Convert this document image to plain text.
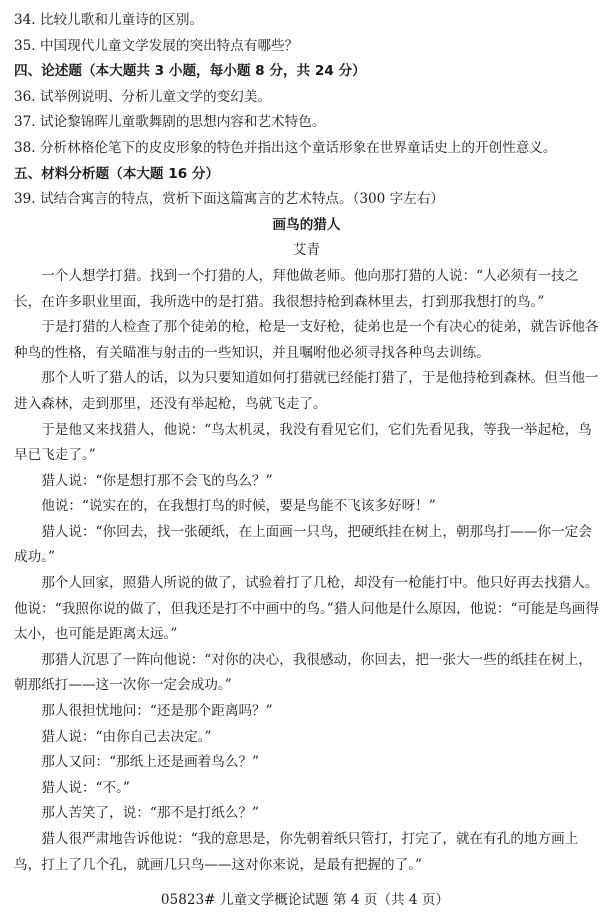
34. 比较儿歌和儿童诗的区别。
35. 中国现代儿童文学发展的突出特点有哪些？
四、论述题（本大题共 3 小题，每小题 8 分，共 24 分）
36. 试举例说明、分析儿童文学的变幻美。
37. 试论黎锦晖儿童歌舞剧的思想内容和艺术特色。
38. 分析林格伦笔下的皮皮形象的特色并指出这个童话形象在世界童话史上的开创性意义。
五、材料分析题（本大题 16 分）
39. 试结合寓言的特点，赏析下面这篇寓言的艺术特点。（300 字左右）
画鸟的猎人
艾青
一个人想学打猎。找到一个打猎的人，拜他做老师。他向那打猎的人说：“人必须有一技之长，在许多职业里面，我所选中的是打猎。我很想持枪到森林里去，打到那我想打的鸟。”
于是打猎的人检查了那个徒弟的枪，枪是一支好枪，徒弟也是一个有决心的徒弟，就告诉他各种鸟的性格，有关瞄准与射击的一些知识，并且嘱咐他必须寻找各种鸟去训练。
那个人听了猎人的话，以为只要知道如何打猎就已经能打猎了，于是他持枪到森林。但当他一进入森林，走到那里，还没有举起枪，鸟就飞走了。
于是他又来找猎人，他说：“鸟太机灵，我没有看见它们，它们先看见我，等我一举起枪，鸟早已飞走了。”
猎人说：“你是想打那不会飞的鸟么？”
他说：“说实在的，在我想打鸟的时候，要是鸟能不飞该多好呀！”
猎人说：“你回去，找一张硬纸，在上面画一只鸟，把硬纸挂在树上，朝那鸟打——你一定会成功。”
那个人回家，照猎人所说的做了，试验着打了几枪，却没有一枪能打中。他只好再去找猎人。他说：“我照你说的做了，但我还是打不中画中的鸟。”猎人问他是什么原因，他说：“可能是鸟画得太小，也可能是距离太远。”
那猎人沉思了一阵向他说：“对你的决心，我很感动，你回去，把一张大一些的纸挂在树上，朝那纸打——这一次你一定会成功。”
那人很担忧地问：“还是那个距离吗？”
猎人说：“由你自己去决定。”
那人又问：“那纸上还是画着鸟么？”
猎人说：“不。”
那人苦笑了，说：“那不是打纸么？”
猎人很严肃地告诉他说：“我的意思是，你先朝着纸只管打，打完了，就在有孔的地方画上鸟，打上了几个孔，就画几只鸟——这对你来说，是最有把握的了。”
05823# 儿童文学概论试题 第 4 页（共 4 页）
